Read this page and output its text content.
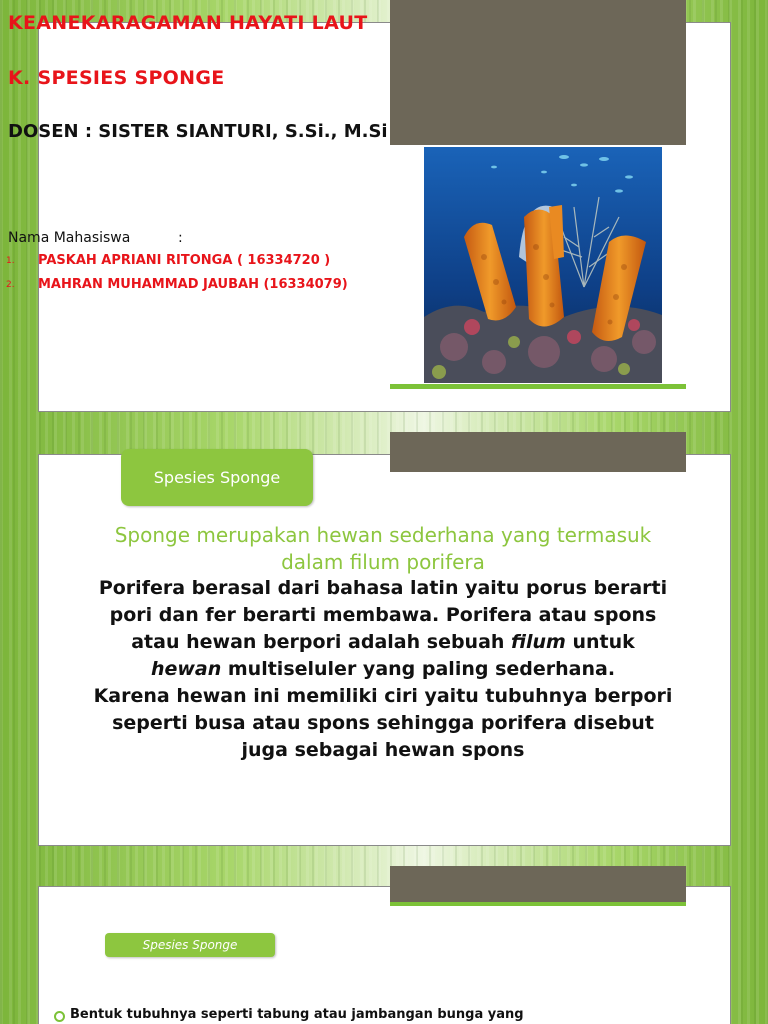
KEANEKARAGAMAN HAYATI LAUT
K. SPESIES SPONGE
DOSEN : SISTER SIANTURI, S.Si., M.Si
Nama Mahasiswa	:
1. PASKAH APRIANI RITONGA ( 16334720 )
2. MAHRAN MUHAMMAD JAUBAH (16334079)
Spesies Sponge
Sponge merupakan hewan sederhana yang termasuk dalam filum porifera
Porifera berasal dari bahasa latin yaitu porus berarti
pori dan fer berarti membawa. Porifera atau spons
atau hewan berpori adalah sebuah filum untuk
hewan multiseluler yang paling sederhana.
Karena hewan ini memiliki ciri yaitu tubuhnya berpori
seperti busa atau spons sehingga porifera disebut
juga sebagai hewan spons
Spesies Sponge
Bentuk tubuhnya seperti tabung atau jambangan bunga yang
